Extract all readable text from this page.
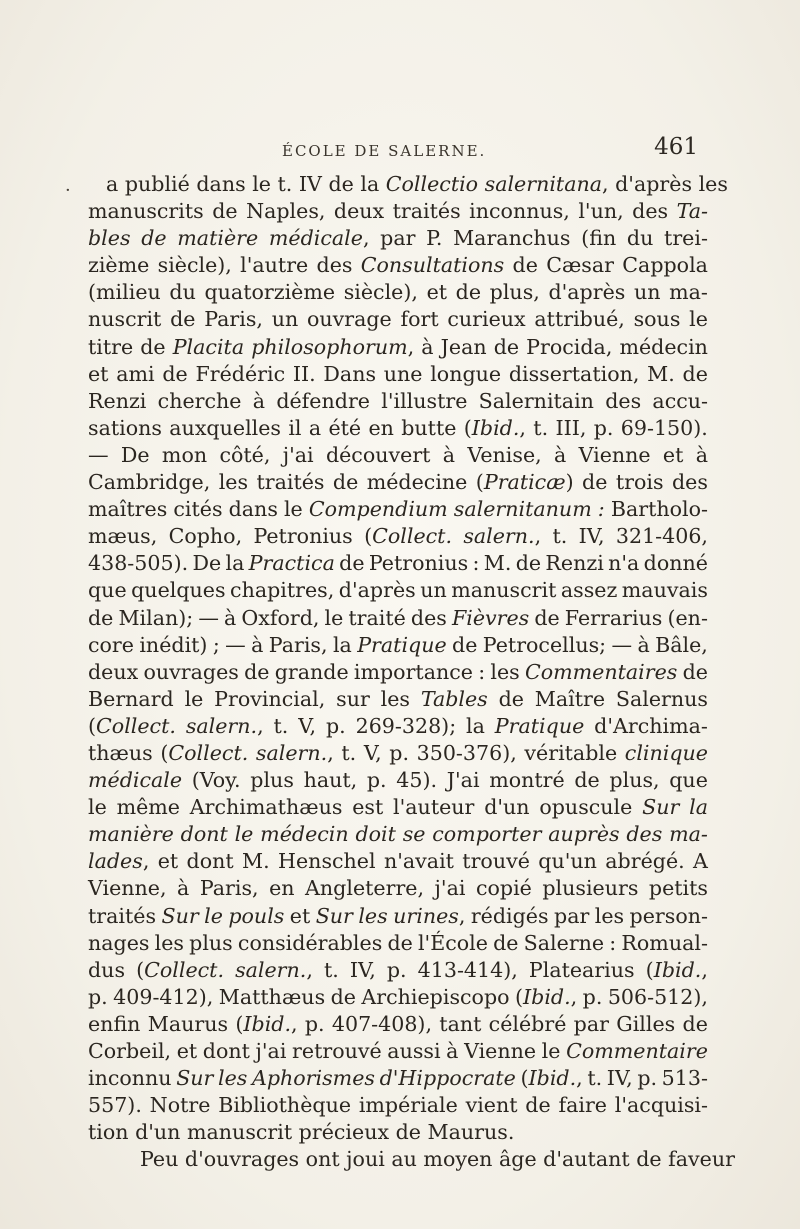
ÉCOLE DE SALERNE.	461
· a publié dans le t. IV de la Collectio salernitana , d'après les
manuscrits de Naples, deux traités inconnus, l'un, des Ta-
bles de matière médicale, par P. Maranchus (fin du trei-
zième siècle), l'autre des Consultations de Cæsar Cappola
(milieu du quatorzième siècle), et de plus, d'après un ma-
nuscrit de Paris, un ouvrage fort curieux attribué, sous le
titre de Placita philosophorum, à Jean de Procida, médecin
et ami de Frédéric II. Dans une longue dissertation, M. de
Renzi cherche à défendre l'illustre Salernitain des accu-
sations auxquelles il a été en butte (Ibid., t. III, p. 69-150).
— De mon côté, j'ai découvert à Venise, à Vienne et à
Cambridge, les traités de médecine (Praticæ) de trois des
maîtres cités dans le Compendium salernitanum : Bartholo-
mæus, Copho, Petronius (Collect. salern., t. IV, 321-406,
438-505). De la Practica de Petronius : M. de Renzi n'a donné
que quelques chapitres, d'après un manuscrit assez mauvais
de Milan); — à Oxford, le traité des Fièvres de Ferrarius (en-
core inédit) ; — à Paris, la Pratique de Petrocellus; — à Bâle,
deux ouvrages de grande importance : les Commentaires de
Bernard le Provincial, sur les Tables de Maître Salernus
(Collect. salern., t. V, p. 269-328); la Pratique d'Archima-
thæus (Collect. salern., t. V, p. 350-376), véritable clinique
médicale (Voy. plus haut, p. 45). J'ai montré de plus, que
le même Archimathæus est l'auteur d'un opuscule Sur la
manière dont le médecin doit se comporter auprès des ma-
lades, et dont M. Henschel n'avait trouvé qu'un abrégé. A
Vienne, à Paris, en Angleterre, j'ai copié plusieurs petits
traités Sur le pouls et Sur les urines, rédigés par les person-
nages les plus considérables de l'École de Salerne : Romual-
dus (Collect. salern., t. IV, p. 413-414), Platearius (Ibid.,
p. 409-412), Matthæus de Archiepiscopo (Ibid., p. 506-512),
enfin Maurus (Ibid., p. 407-408), tant célébré par Gilles de
Corbeil, et dont j'ai retrouvé aussi à Vienne le Commentaire
inconnu Sur les Aphorismes d'Hippocrate (Ibid., t. IV, p. 513-
557). Notre Bibliothèque impériale vient de faire l'acquisi-
tion d'un manuscrit précieux de Maurus.
Peu d'ouvrages ont joui au moyen âge d'autant de faveur
